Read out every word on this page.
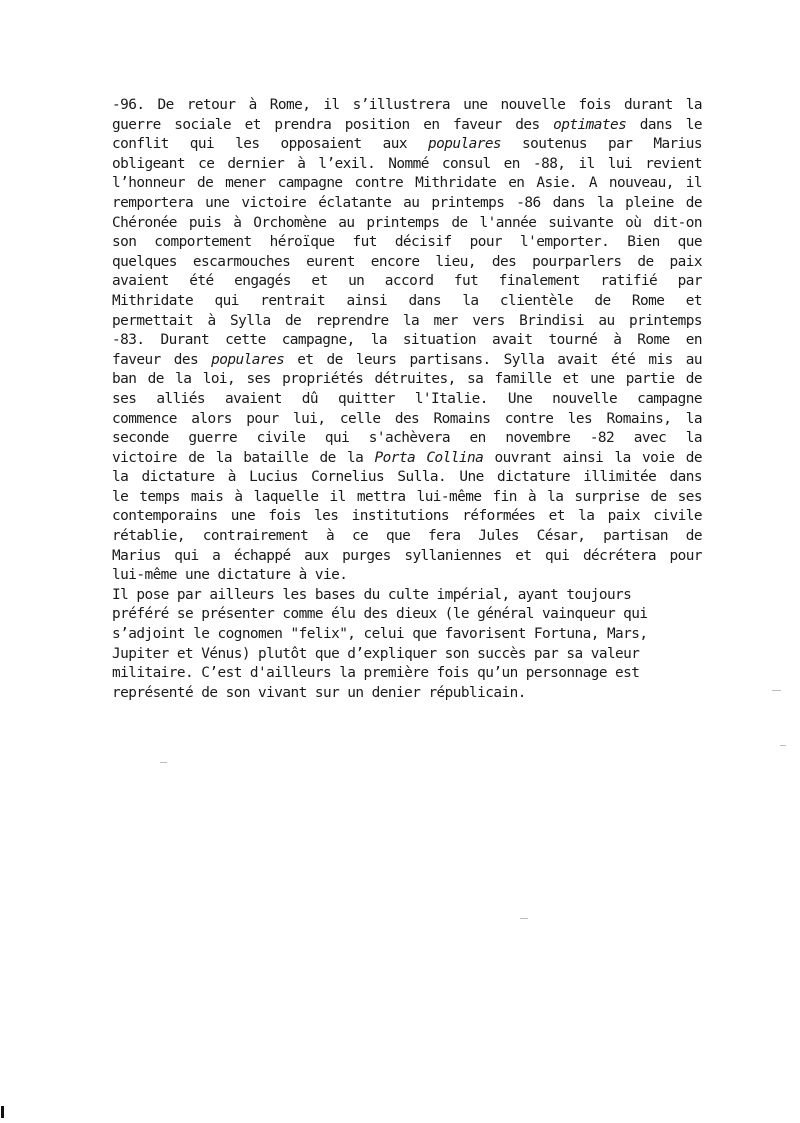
-96. De retour à Rome, il s’illustrera une nouvelle fois durant la
guerre sociale et prendra position en faveur des optimates dans le
conflit qui les opposaient aux populares soutenus par Marius
obligeant ce dernier à l’exil. Nommé consul en -88, il lui revient
l’honneur de mener campagne contre Mithridate en Asie. A nouveau, il
remportera une victoire éclatante au printemps -86 dans la pleine de
Chéronée puis à Orchomène au printemps de l'année suivante où dit-on
son comportement héroïque fut décisif pour l'emporter. Bien que
quelques escarmouches eurent encore lieu, des pourparlers de paix
avaient été engagés et un accord fut finalement ratifié par
Mithridate qui rentrait ainsi dans la clientèle de Rome et
permettait à Sylla de reprendre la mer vers Brindisi au printemps
-83. Durant cette campagne, la situation avait tourné à Rome en
faveur des populares et de leurs partisans. Sylla avait été mis au
ban de la loi, ses propriétés détruites, sa famille et une partie de
ses alliés avaient dû quitter l'Italie. Une nouvelle campagne
commence alors pour lui, celle des Romains contre les Romains, la
seconde guerre civile qui s'achèvera en novembre -82 avec la
victoire de la bataille de la Porta Collina ouvrant ainsi la voie de
la dictature à Lucius Cornelius Sulla. Une dictature illimitée dans
le temps mais à laquelle il mettra lui-même fin à la surprise de ses
contemporains une fois les institutions réformées et la paix civile
rétablie, contrairement à ce que fera Jules César, partisan de
Marius qui a échappé aux purges syllaniennes et qui décrétera pour
lui-même une dictature à vie.
Il pose par ailleurs les bases du culte impérial, ayant toujours
préféré se présenter comme élu des dieux (le général vainqueur qui
s’adjoint le cognomen "felix", celui que favorisent Fortuna, Mars,
Jupiter et Vénus) plutôt que d’expliquer son succès par sa valeur
militaire. C’est d'ailleurs la première fois qu’un personnage est
représenté de son vivant sur un denier républicain.
